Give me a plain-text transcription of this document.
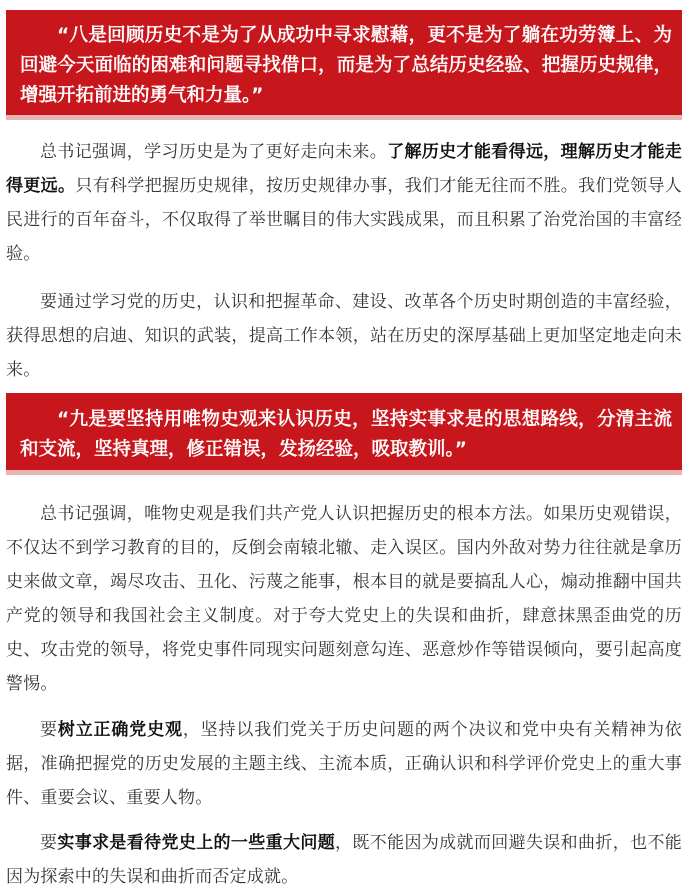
“八是回顾历史不是为了从成功中寻求慰藉，更不是为了躺在功劳簿上、为回避今天面临的困难和问题寻找借口，而是为了总结历史经验、把握历史规律，增强开拓前进的勇气和力量。”
总书记强调，学习历史是为了更好走向未来。了解历史才能看得远，理解历史才能走得更远。只有科学把握历史规律，按历史规律办事，我们才能无往而不胜。我们党领导人民进行的百年奋斗，不仅取得了举世瞩目的伟大实践成果，而且积累了治党治国的丰富经验。
要通过学习党的历史，认识和把握革命、建设、改革各个历史时期创造的丰富经验，获得思想的启迪、知识的武装，提高工作本领，站在历史的深厚基础上更加坚定地走向未来。
“九是要坚持用唯物史观来认识历史，坚持实事求是的思想路线，分清主流和支流，坚持真理，修正错误，发扬经验，吸取教训。”
总书记强调，唯物史观是我们共产党人认识把握历史的根本方法。如果历史观错误，不仅达不到学习教育的目的，反倒会南辕北辙、走入误区。国内外敌对势力往往就是拿历史来做文章，竭尽攻击、丑化、污蔑之能事，根本目的就是要搞乱人心，煽动推翻中国共产党的领导和我国社会主义制度。对于夸大党史上的失误和曲折，肆意抹黑歪曲党的历史、攻击党的领导，将党史事件同现实问题刻意勾连、恶意炒作等错误倾向，要引起高度警惕。
要树立正确党史观，坚持以我们党关于历史问题的两个决议和党中央有关精神为依据，准确把握党的历史发展的主题主线、主流本质，正确认识和科学评价党史上的重大事件、重要会议、重要人物。
要实事求是看待党史上的一些重大问题，既不能因为成就而回避失误和曲折，也不能因为探索中的失误和曲折而否定成就。
